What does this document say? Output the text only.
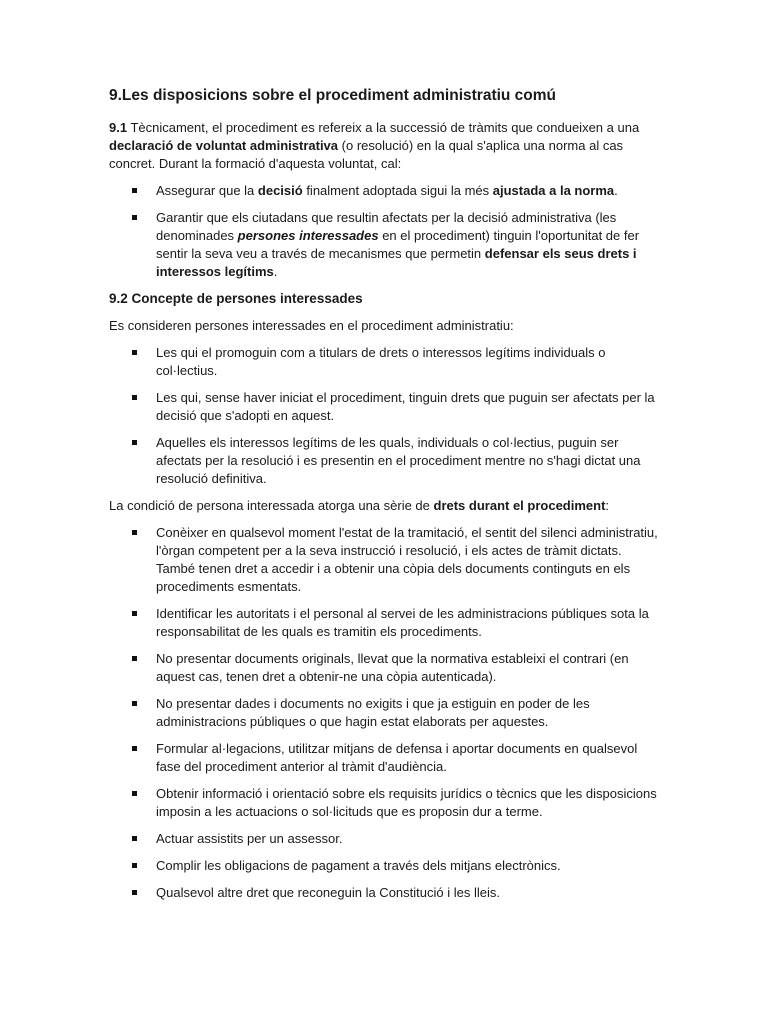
9.Les disposicions sobre el procediment administratiu comú

9.1 Tècnicament, el procediment es refereix a la successió de tràmits que condueixen a una declaració de voluntat administrativa (o resolució) en la qual s'aplica una norma al cas concret. Durant la formació d'aquesta voluntat, cal:

Assegurar que la decisió finalment adoptada sigui la més ajustada a la norma.
Garantir que els ciutadans que resultin afectats per la decisió administrativa (les denominades persones interessades en el procediment) tinguin l'oportunitat de fer sentir la seva veu a través de mecanismes que permetin defensar els seus drets i interessos legítims.
9.2 Concepte de persones interessades

Es consideren persones interessades en el procediment administratiu:

Les qui el promoguin com a titulars de drets o interessos legítims individuals o col·lectius.
Les qui, sense haver iniciat el procediment, tinguin drets que puguin ser afectats per la decisió que s'adopti en aquest.
Aquelles els interessos legítims de les quals, individuals o col·lectius, puguin ser afectats per la resolució i es presentin en el procediment mentre no s'hagi dictat una resolució definitiva.

La condició de persona interessada atorga una sèrie de drets durant el procediment:

Conèixer en qualsevol moment l'estat de la tramitació, el sentit del silenci administratiu, l'òrgan competent per a la seva instrucció i resolució, i els actes de tràmit dictats. També tenen dret a accedir i a obtenir una còpia dels documents continguts en els procediments esmentats.
Identificar les autoritats i el personal al servei de les administracions públiques sota la responsabilitat de les quals es tramitin els procediments.
No presentar documents originals, llevat que la normativa estableixi el contrari (en aquest cas, tenen dret a obtenir-ne una còpia autenticada).
No presentar dades i documents no exigits i que ja estiguin en poder de les administracions públiques o que hagin estat elaborats per aquestes.
Formular al·legacions, utilitzar mitjans de defensa i aportar documents en qualsevol fase del procediment anterior al tràmit d'audiència.
Obtenir informació i orientació sobre els requisits jurídics o tècnics que les disposicions imposin a les actuacions o sol·licituds que es proposin dur a terme.
Actuar assistits per un assessor.
Complir les obligacions de pagament a través dels mitjans electrònics.
Qualsevol altre dret que reconeguin la Constitució i les lleis.
